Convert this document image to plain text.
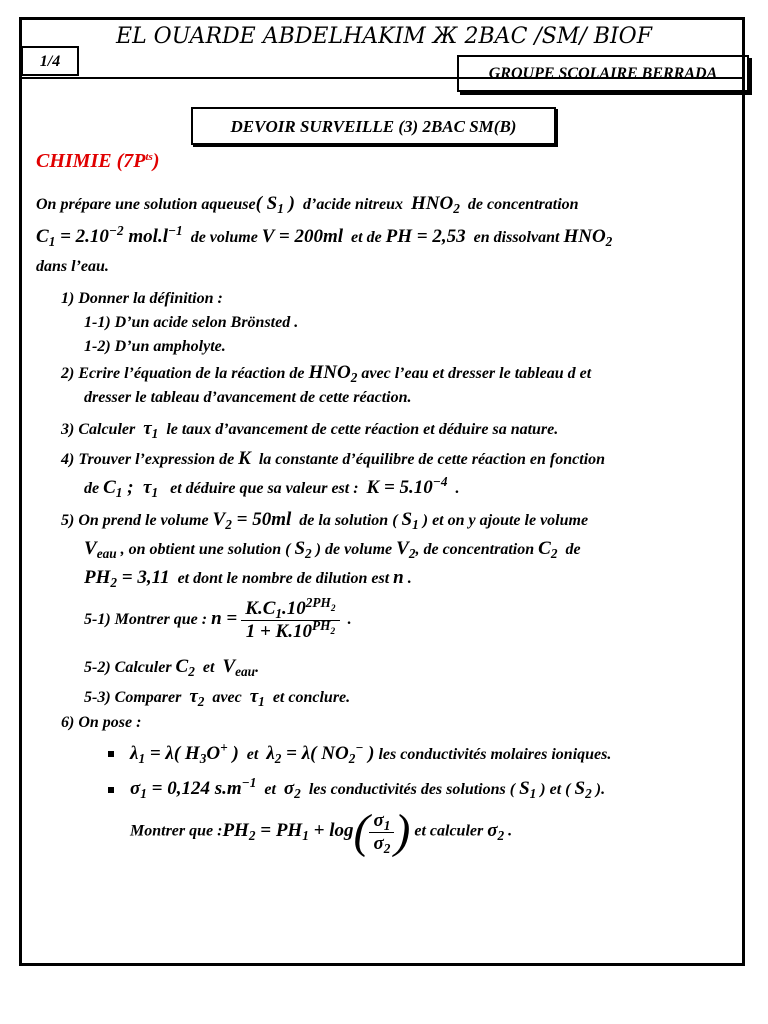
EL OUARDE ABDELHAKIM Ж 2BAC /SM/ BIOF
1/4
GROUPE SCOLAIRE BERRADA
DEVOIR SURVEILLE (3) 2BAC SM(B)
CHIMIE $(7P^{ts})$
On prépare une solution aqueuse( $S_1$ ) d’acide nitreux $HNO_2$ de concentration
$C_1 = 2.10^{-2}$ $mol.l^{-1}$ de volume V = 200ml et de PH = 2,53 en dissolvant $HNO_2$
dans l’eau.
1) Donner la définition :
1-1) D’un acide selon Brönsted .
1-2) D’un ampholyte.
2) Ecrire l’équation de la réaction de $HNO_2$ avec l’eau et dresser le tableau d et
dresser le tableau d’avancement de cette réaction.
3) Calculer $\tau_1$ le taux d’avancement de cette réaction et déduire sa nature.
4) Trouver l’expression de K la constante d’équilibre de cette réaction en fonction
de $C_1$ ;  $\tau_1$ et déduire que sa valeur est : $K = 5.10^{-4}$  .
5) On prend le volume $V_2 = 50ml$ de la solution ( $S_1$ ) et on y ajoute le volume
$V_{eau}$ , on obtient une solution ( $S_2$ ) de volume $V_2$, de concentration $C_2$ de
$PH_2 = 3,11$ et dont le nombre de dilution est n .
5-1) Montrer que : $n = \frac{K.C_1.10^{2PH_2}}{1 + K.10^{PH_2}}$ .
5-2) Calculer $C_2$ et $V_{eau}$.
5-3) Comparer $\tau_2$ avec $\tau_1$ et conclure.
6) On pose :
$\lambda_1 = \lambda$( $H_3O^+$ )  et  $\lambda_2 = \lambda$( $NO_2^-$ ) les conductivités molaires ioniques.
$\sigma_1 = 0,124$ $s.m^{-1}$ et $\sigma_2$ les conductivités des solutions ( $S_1$ ) et ( $S_2$ ).
Montrer que $:PH_2 = PH_1 + \log( \frac{\sigma_1}{\sigma_2}$ ) et calculer $\sigma_2$ .
